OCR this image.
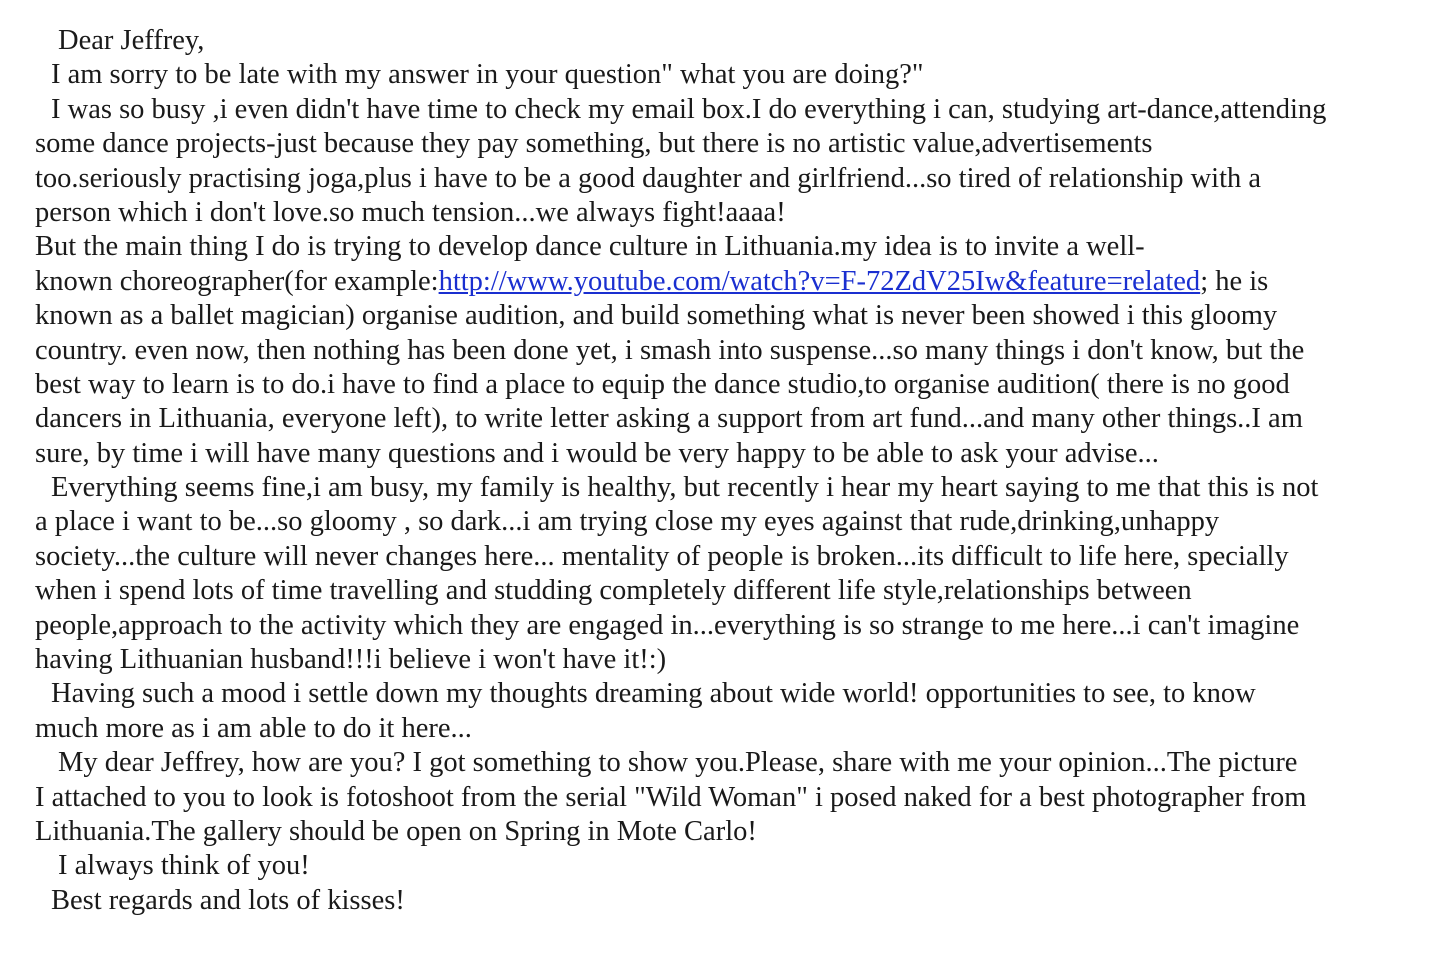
Dear Jeffrey,
I am sorry to be late with my answer in your question" what you are doing?"
I was so busy ,i even didn't have time to check my email box.I do everything i can, studying art-dance,attending
some dance projects-just because they pay something, but there is no artistic value,advertisements
too.seriously practising joga,plus i have to be a good daughter and girlfriend...so tired of relationship with a
person which i don't love.so much tension...we always fight!aaaa!
But the main thing I do is trying to develop dance culture in Lithuania.my idea is to invite a well-
known choreographer(for example:http://www.youtube.com/watch?v=F-72ZdV25Iw&feature=related; he is
known as a ballet magician) organise audition, and build something what is never been showed i this gloomy
country. even now, then nothing has been done yet, i smash into suspense...so many things i don't know, but the
best way to learn is to do.i have to find a place to equip the dance studio,to organise audition( there is no good
dancers in Lithuania, everyone left), to write letter asking a support from art fund...and many other things..I am
sure, by time i will have many questions and i would be very happy to be able to ask your advise...
Everything seems fine,i am busy, my family is healthy, but recently i hear my heart saying to me that this is not
a place i want to be...so gloomy , so dark...i am trying close my eyes against that rude,drinking,unhappy
society...the culture will never changes here... mentality of people is broken...its difficult to life here, specially
when i spend lots of time travelling and studding completely different life style,relationships between
people,approach to the activity which they are engaged in...everything is so strange to me here...i can't imagine
having Lithuanian husband!!!i believe i won't have it!:)
Having such a mood i settle down my thoughts dreaming about wide world! opportunities to see, to know
much more as i am able to do it here...
My dear Jeffrey, how are you? I got something to show you.Please, share with me your opinion...The picture
I attached to you to look is fotoshoot from the serial "Wild Woman" i posed naked for a best photographer from
Lithuania.The gallery should be open on Spring in Mote Carlo!
I always think of you!
Best regards and lots of kisses!
